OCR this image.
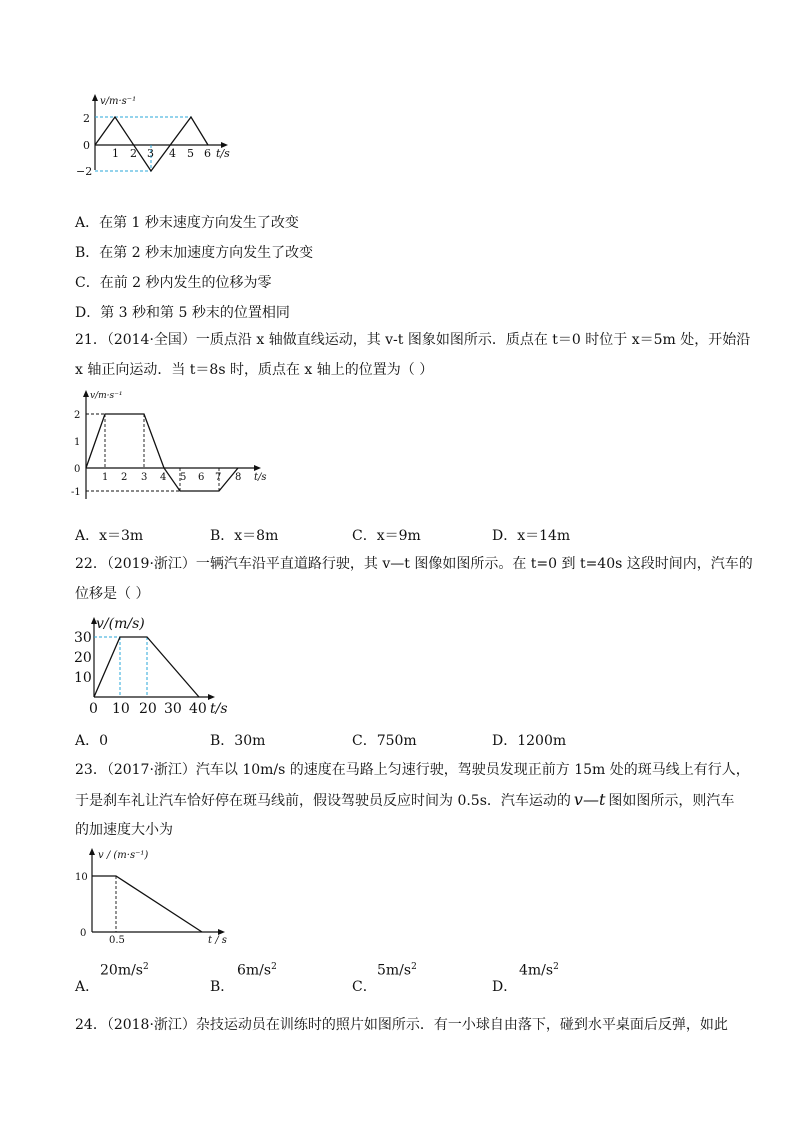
v/m·s⁻¹
2
0
−2
1 2 3 4 5 6 t/s
A．在第 1 秒末速度方向发生了改变
B．在第 2 秒末加速度方向发生了改变
C．在前 2 秒内发生的位移为零
D．第 3 秒和第 5 秒末的位置相同
21．（2014·全国）一质点沿 x 轴做直线运动，其 v-t 图象如图所示．质点在 t＝0 时位于 x＝5m 处，开始沿
x 轴正向运动．当 t＝8s 时，质点在 x 轴上的位置为（ ）
v/m·s⁻¹
2
1
0
-1
1 2 3 4 5 6 7 8 t/s
A．x＝3m	B．x＝8m	C．x＝9m	D．x＝14m
22．（2019·浙江）一辆汽车沿平直道路行驶，其 v—t 图像如图所示。在 t=0 到 t=40s 这段时间内，汽车的
位移是（ ）
v/(m/s)
30
20
10
0 10 20 30 40 t/s
A．0	B．30m	C．750m	D．1200m
23．（2017·浙江）汽车以 10m/s 的速度在马路上匀速行驶，驾驶员发现正前方 15m 处的斑马线上有行人，
于是刹车礼让汽车恰好停在斑马线前，假设驾驶员反应时间为 0.5s．汽车运动的 v—t 图如图所示，则汽车
的加速度大小为
v / (m·s⁻¹)
10
0
0.5	t / s
A．
$20m/s^2$
B．
$6m/s^2$
C．
$5m/s^2$
D．
$4m/s^2$
24．（2018·浙江）杂技运动员在训练时的照片如图所示．有一小球自由落下，碰到水平桌面后反弹，如此
